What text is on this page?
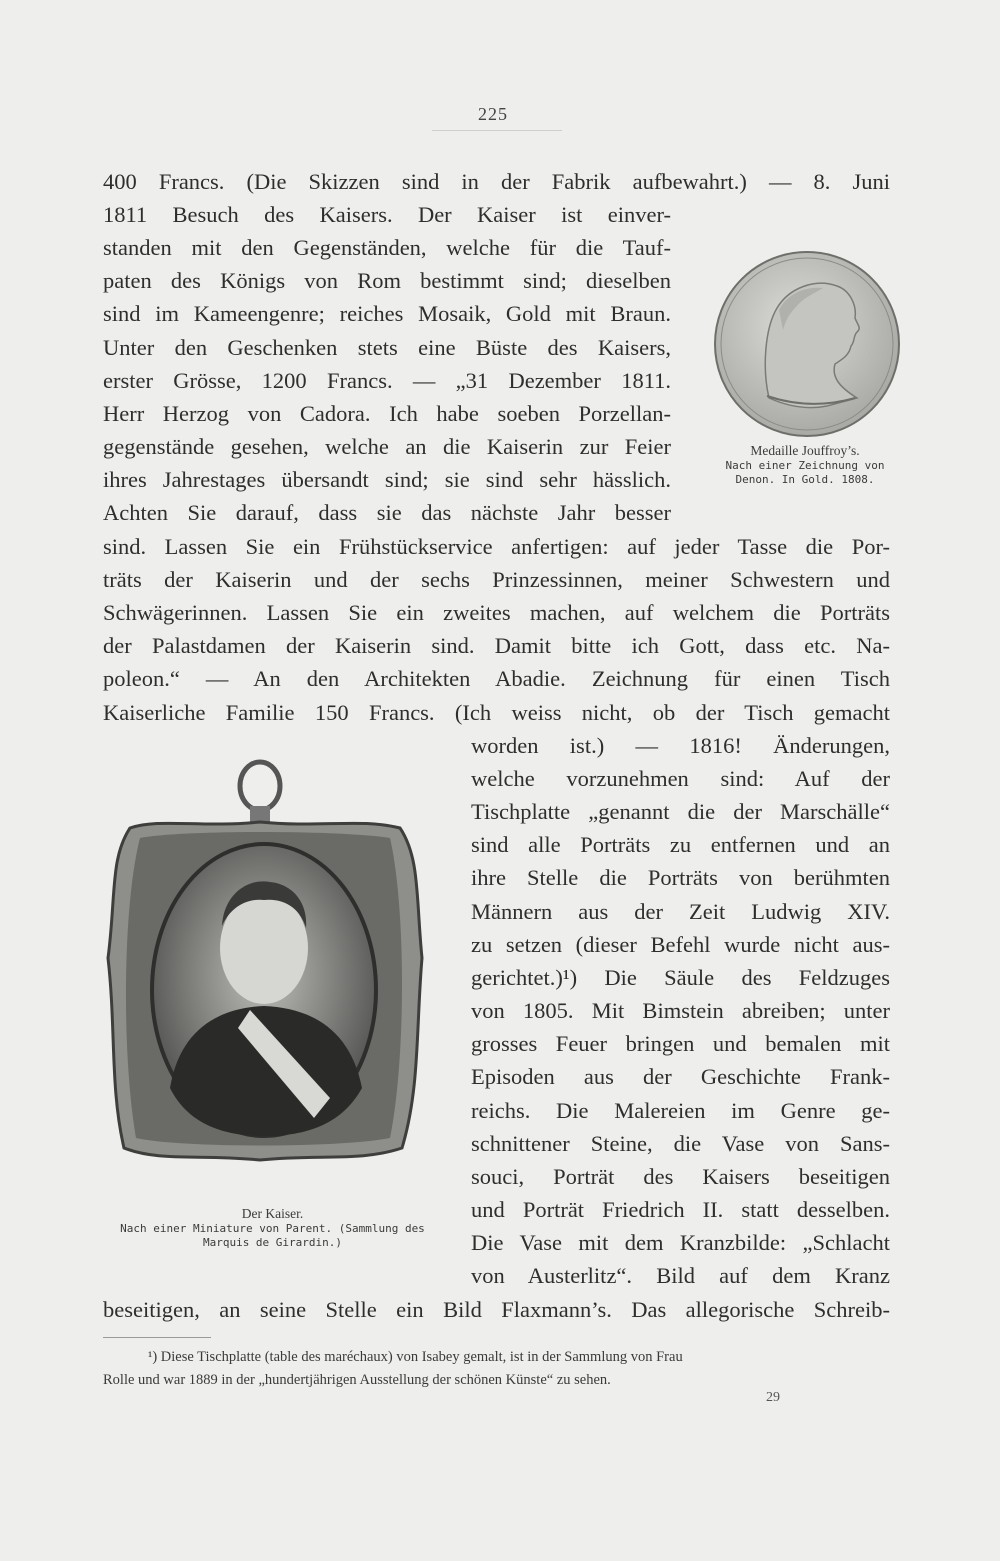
225
400 Francs. (Die Skizzen sind in der Fabrik aufbewahrt.) — 8. Juni
1811 Besuch des Kaisers. Der Kaiser ist einver-
standen mit den Gegenständen, welche für die Tauf-
paten des Königs von Rom bestimmt sind; dieselben
sind im Kameengenre; reiches Mosaik, Gold mit Braun.
Unter den Geschenken stets eine Büste des Kaisers,
erster Grösse, 1200 Francs. — „31 Dezember 1811.
Herr Herzog von Cadora. Ich habe soeben Porzellan-
gegenstände gesehen, welche an die Kaiserin zur Feier
ihres Jahrestages übersandt sind; sie sind sehr hässlich.
Achten Sie darauf, dass sie das nächste Jahr besser
sind. Lassen Sie ein Frühstückservice anfertigen: auf jeder Tasse die Por-
träts der Kaiserin und der sechs Prinzessinnen, meiner Schwestern und
Schwägerinnen. Lassen Sie ein zweites machen, auf welchem die Porträts
der Palastdamen der Kaiserin sind. Damit bitte ich Gott, dass etc. Na-
poleon.“ — An den Architekten Abadie. Zeichnung für einen Tisch
Kaiserliche Familie 150 Francs. (Ich weiss nicht, ob der Tisch gemacht
worden ist.) — 1816! Änderungen,
welche vorzunehmen sind: Auf der
Tischplatte „genannt die der Marschälle“
sind alle Porträts zu entfernen und an
ihre Stelle die Porträts von berühmten
Männern aus der Zeit Ludwig XIV.
zu setzen (dieser Befehl wurde nicht aus-
gerichtet.)¹) Die Säule des Feldzuges
von 1805. Mit Bimstein abreiben; unter
grosses Feuer bringen und bemalen mit
Episoden aus der Geschichte Frank-
reichs. Die Malereien im Genre ge-
schnittener Steine, die Vase von Sans-
souci, Porträt des Kaisers beseitigen
und Porträt Friedrich II. statt desselben.
Die Vase mit dem Kranzbilde: „Schlacht
von Austerlitz“. Bild auf dem Kranz
beseitigen, an seine Stelle ein Bild Flaxmann’s. Das allegorische Schreib-
Medaille Jouffroy’s.
Nach einer Zeichnung von
Denon. In Gold. 1808.
Der Kaiser.
Nach einer Miniature von Parent. (Sammlung des
Marquis de Girardin.)
¹) Diese Tischplatte (table des maréchaux) von Isabey gemalt, ist in der Sammlung von Frau
Rolle und war 1889 in der „hundertjährigen Ausstellung der schönen Künste“ zu sehen.
29
